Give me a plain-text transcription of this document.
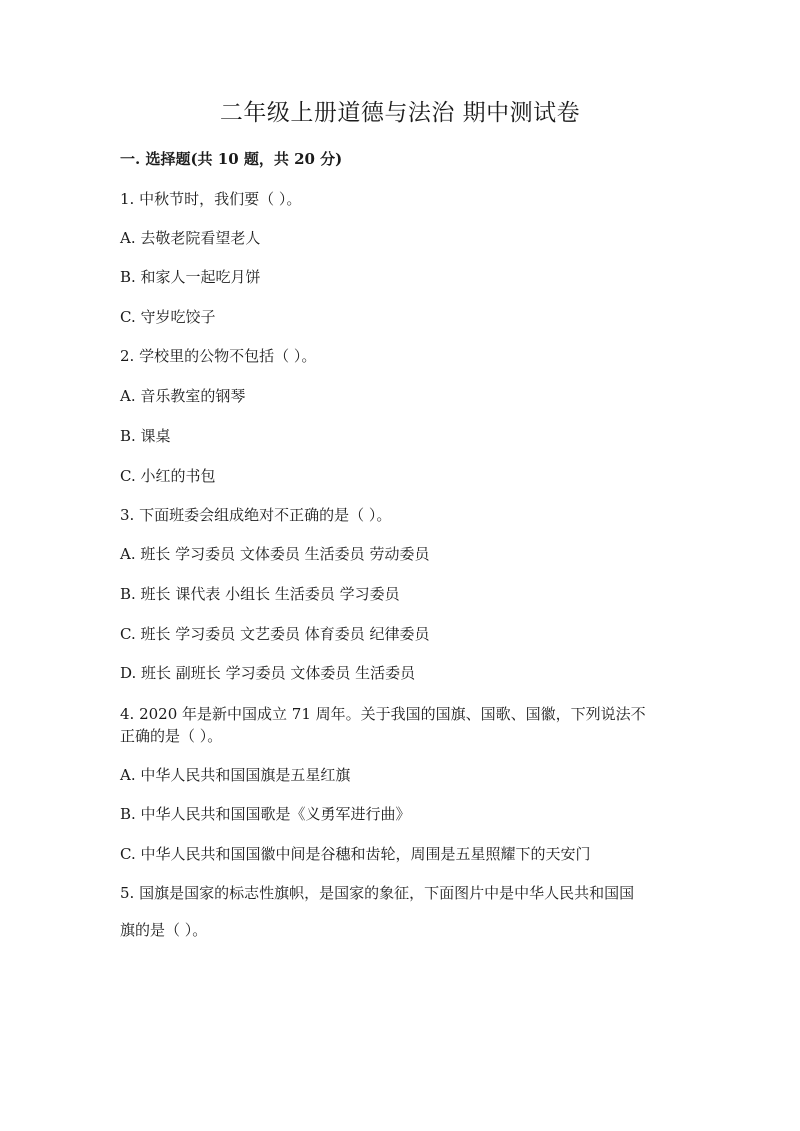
二年级上册道德与法治 期中测试卷
一. 选择题(共 10 题，共 20 分)
1. 中秋节时，我们要（ ）。
A. 去敬老院看望老人
B. 和家人一起吃月饼
C. 守岁吃饺子
2. 学校里的公物不包括（ ）。
A. 音乐教室的钢琴
B. 课桌
C. 小红的书包
3. 下面班委会组成绝对不正确的是（ ）。
A. 班长 学习委员 文体委员 生活委员 劳动委员
B. 班长 课代表 小组长 生活委员 学习委员
C. 班长 学习委员 文艺委员 体育委员 纪律委员
D. 班长 副班长 学习委员 文体委员 生活委员
4. 2020 年是新中国成立 71 周年。关于我国的国旗、国歌、国徽，下列说法不
正确的是（ ）。
A. 中华人民共和国国旗是五星红旗
B. 中华人民共和国国歌是《义勇军进行曲》
C. 中华人民共和国国徽中间是谷穗和齿轮，周围是五星照耀下的天安门
5. 国旗是国家的标志性旗帜，是国家的象征，下面图片中是中华人民共和国国
旗的是（ ）。
